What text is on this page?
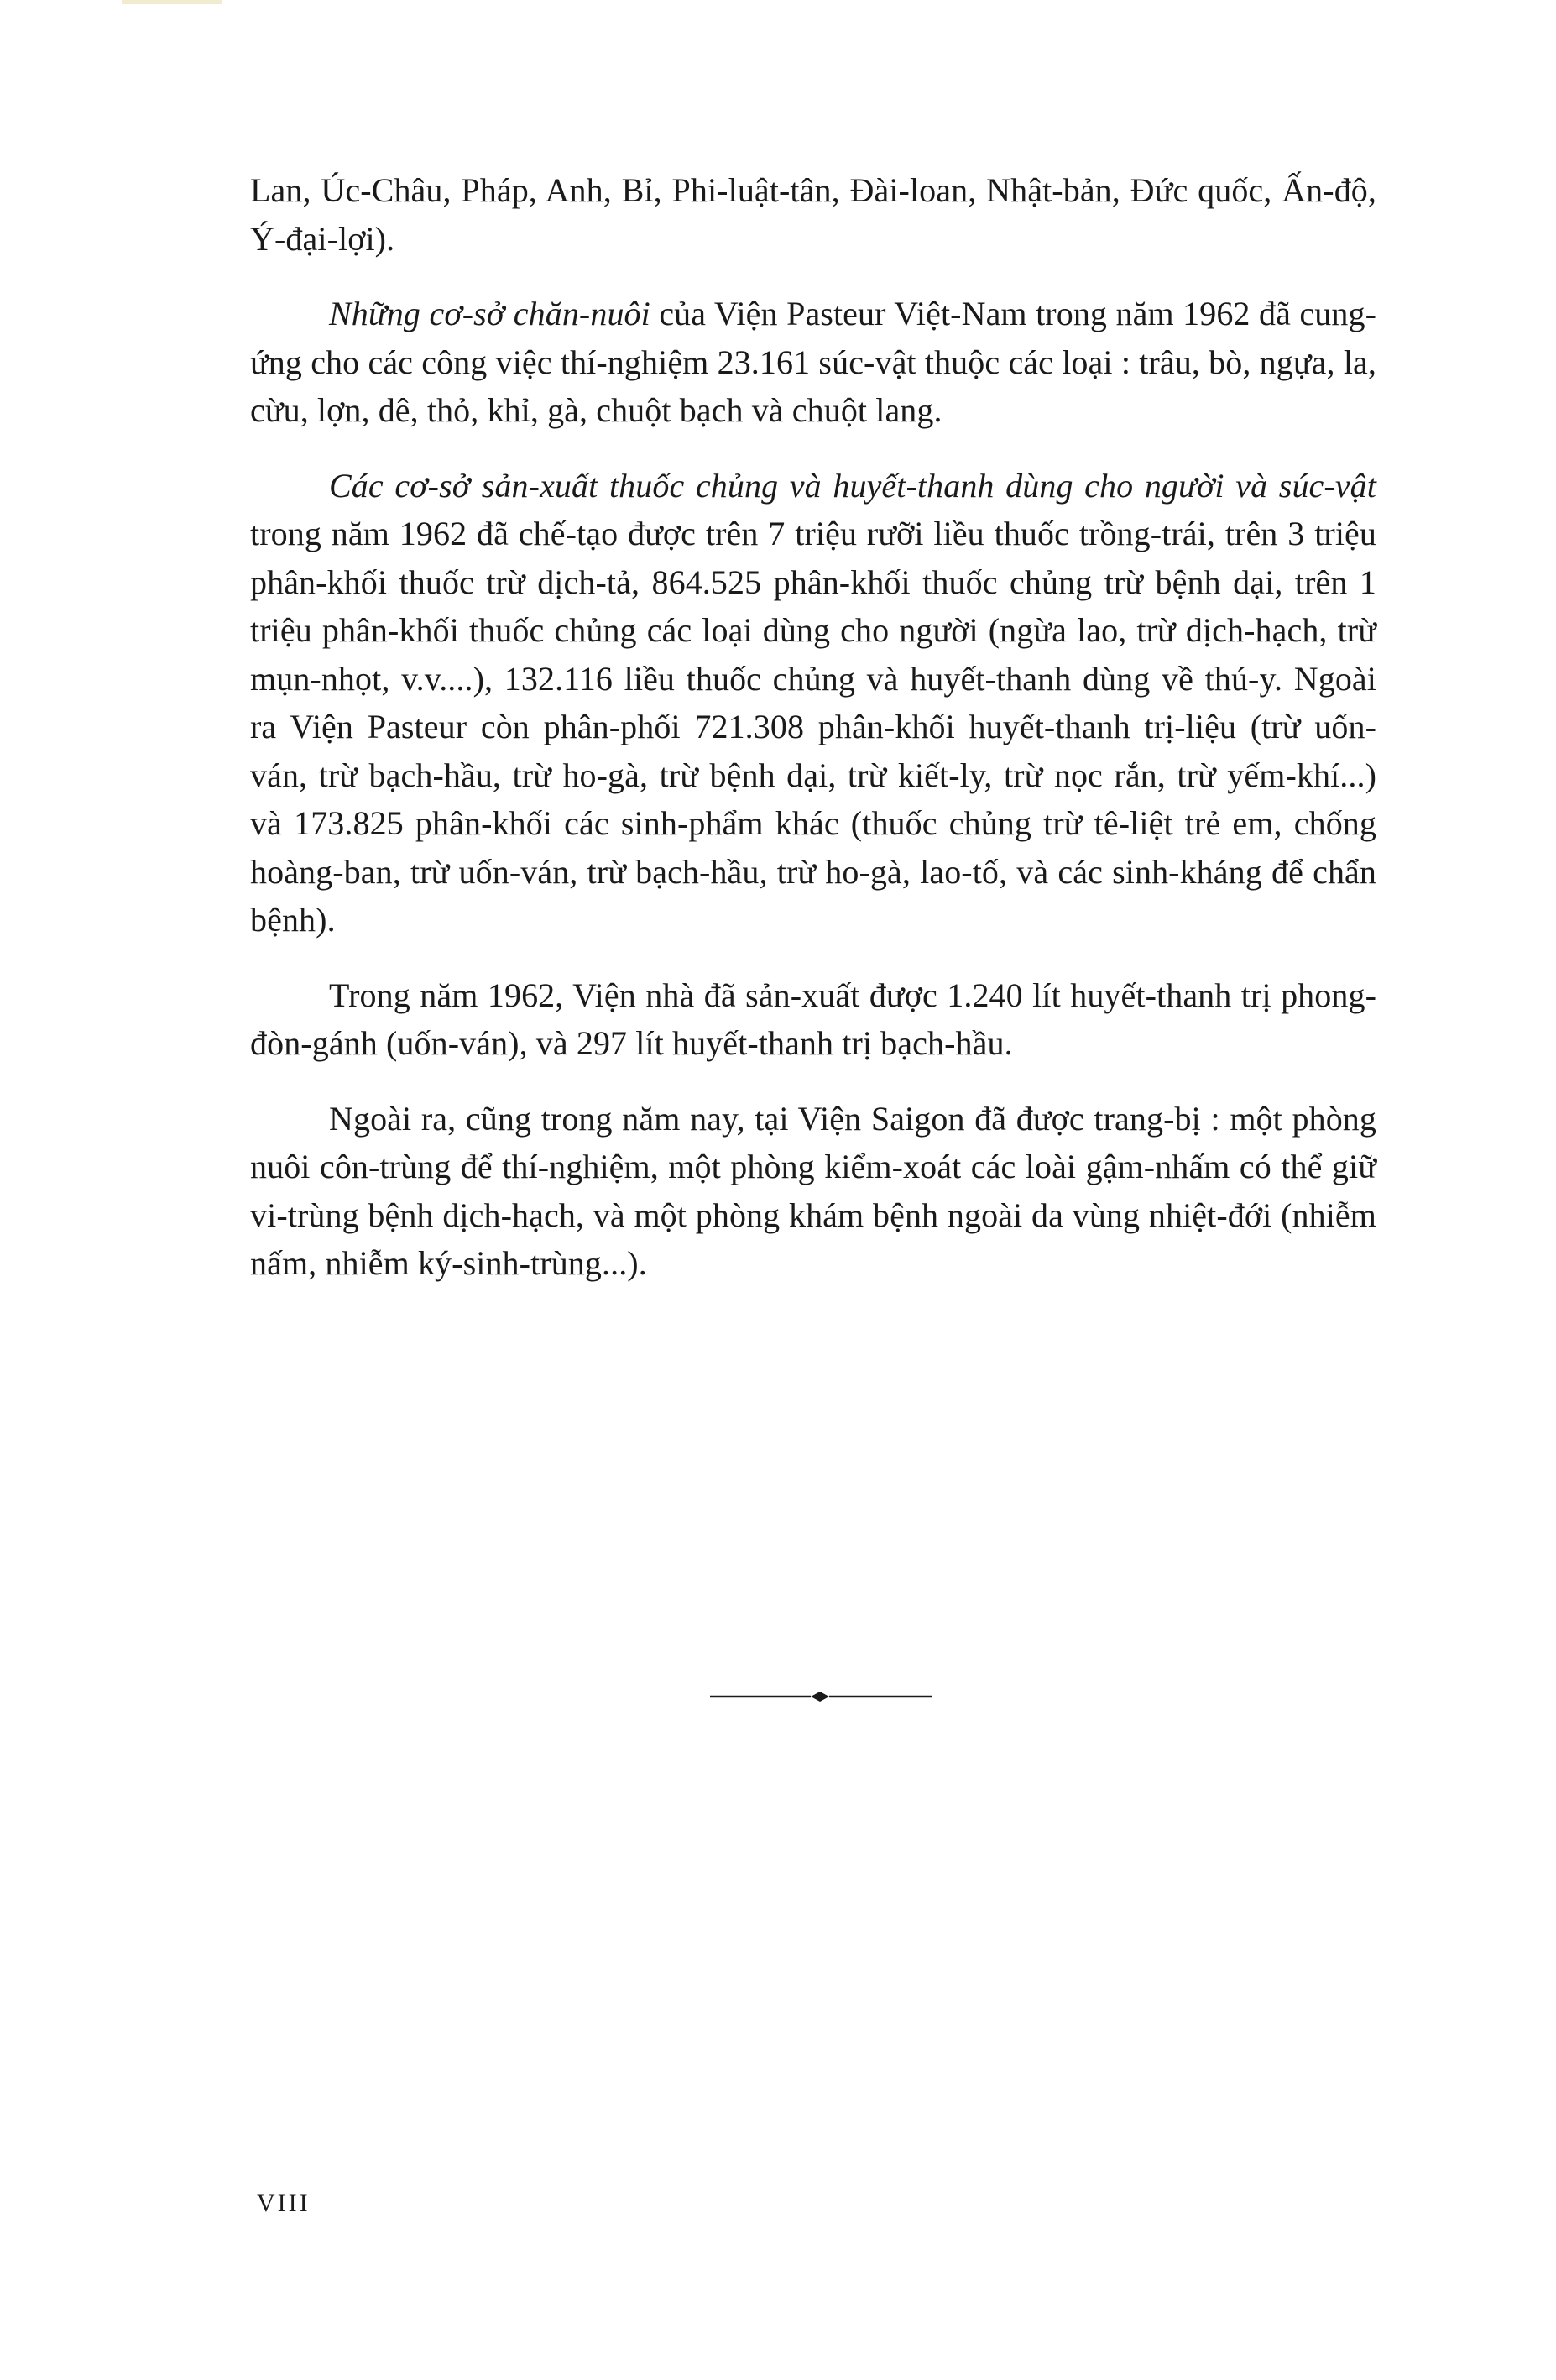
Lan, Úc-Châu, Pháp, Anh, Bỉ, Phi-luật-tân, Đài-loan, Nhật-bản, Đức quốc, Ấn-độ, Ý-đại-lợi).

Những cơ-sở chăn-nuôi của Viện Pasteur Việt-Nam trong năm 1962 đã cung-ứng cho các công việc thí-nghiệm 23.161 súc-vật thuộc các loại : trâu, bò, ngựa, la, cừu, lợn, dê, thỏ, khỉ, gà, chuột bạch và chuột lang.

Các cơ-sở sản-xuất thuốc chủng và huyết-thanh dùng cho người và súc-vật trong năm 1962 đã chế-tạo được trên 7 triệu rưỡi liều thuốc trồng-trái, trên 3 triệu phân-khối thuốc trừ dịch-tả, 864.525 phân-khối thuốc chủng trừ bệnh dại, trên 1 triệu phân-khối thuốc chủng các loại dùng cho người (ngừa lao, trừ dịch-hạch, trừ mụn-nhọt, v.v....), 132.116 liều thuốc chủng và huyết-thanh dùng về thú-y. Ngoài ra Viện Pasteur còn phân-phối 721.308 phân-khối huyết-thanh trị-liệu (trừ uốn-ván, trừ bạch-hầu, trừ ho-gà, trừ bệnh dại, trừ kiết-ly, trừ nọc rắn, trừ yếm-khí...) và 173.825 phân-khối các sinh-phẩm khác (thuốc chủng trừ tê-liệt trẻ em, chống hoàng-ban, trừ uốn-ván, trừ bạch-hầu, trừ ho-gà, lao-tố, và các sinh-kháng để chẩn bệnh).

Trong năm 1962, Viện nhà đã sản-xuất được 1.240 lít huyết-thanh trị phong-đòn-gánh (uốn-ván), và 297 lít huyết-thanh trị bạch-hầu.

Ngoài ra, cũng trong năm nay, tại Viện Saigon đã được trang-bị : một phòng nuôi côn-trùng để thí-nghiệm, một phòng kiểm-xoát các loài gậm-nhấm có thể giữ vi-trùng bệnh dịch-hạch, và một phòng khám bệnh ngoài da vùng nhiệt-đới (nhiễm nấm, nhiễm ký-sinh-trùng...).

VIII
